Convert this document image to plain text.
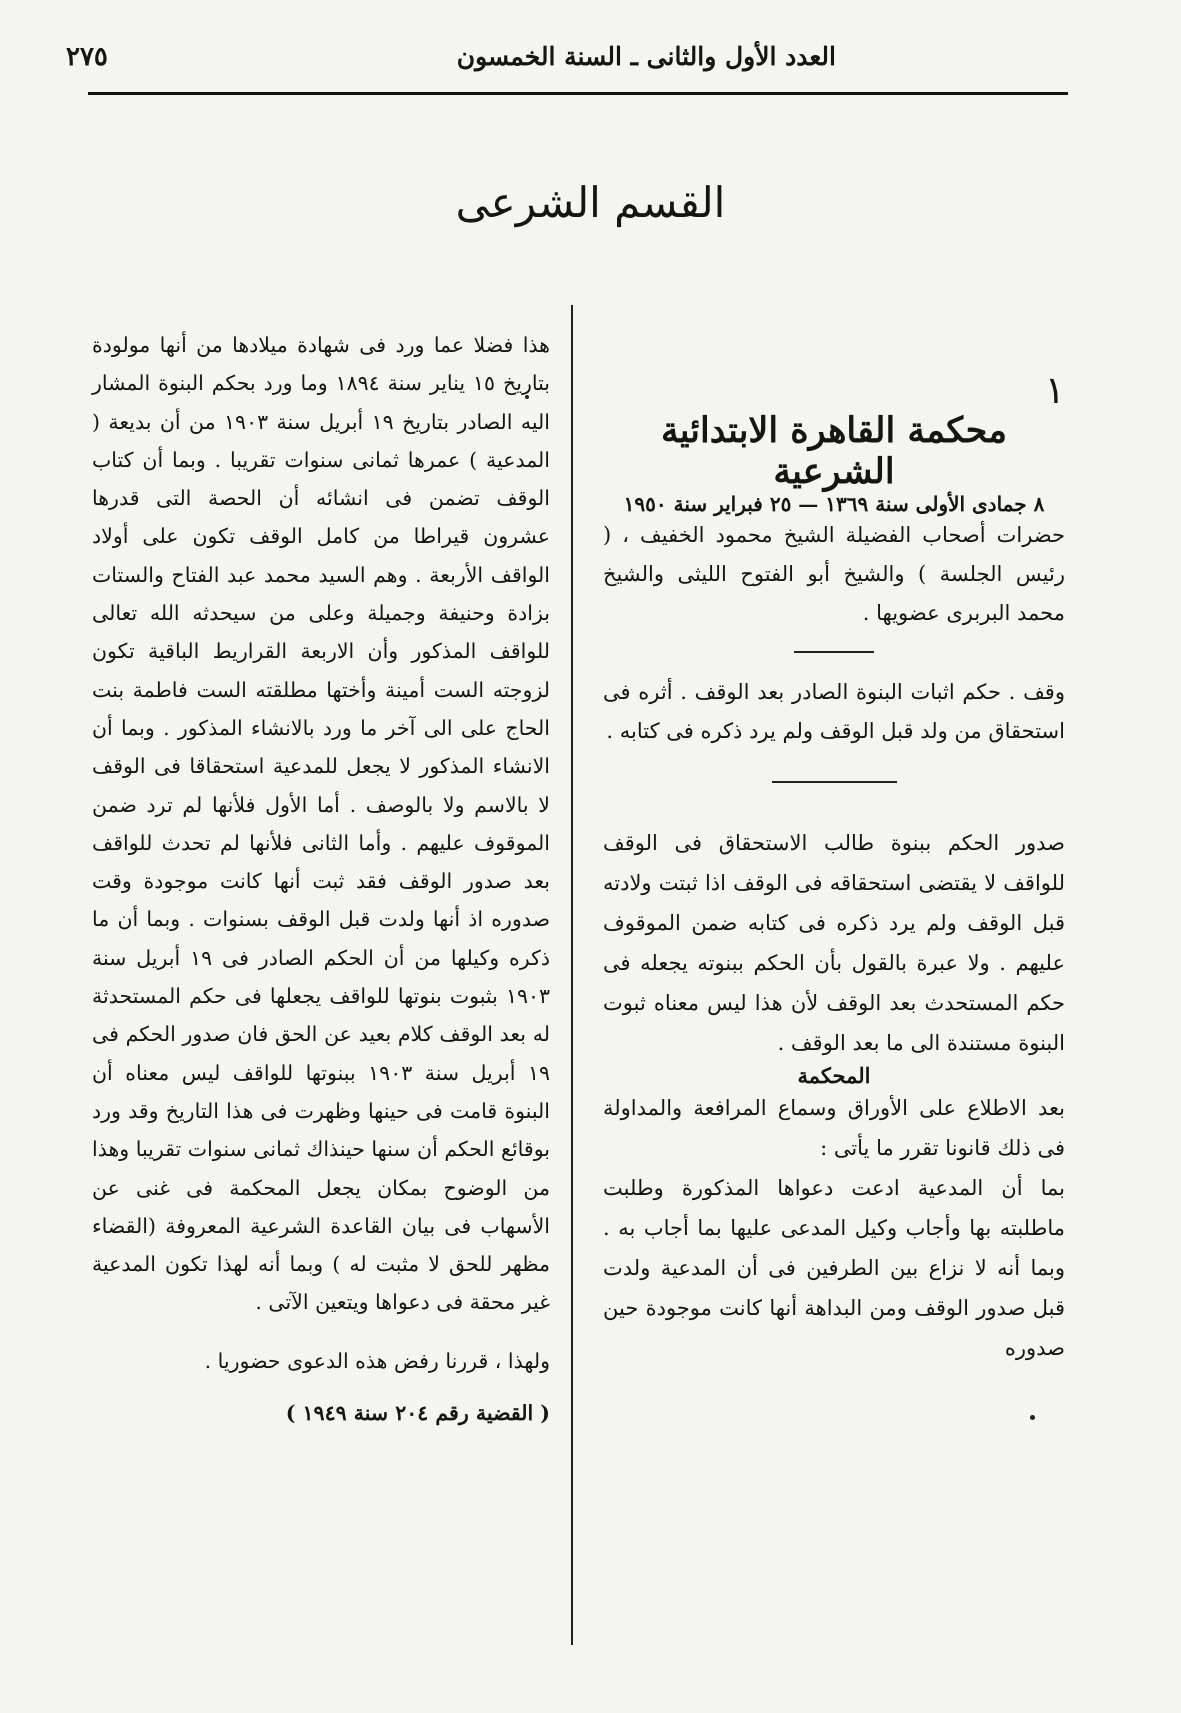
العدد الأول والثانى ـ السنة الخمسون
٢٧٥
القسم الشرعى

١

محكمة القاهرة الابتدائية الشرعية

٨ جمادى الأولى سنة ١٣٦٩ — ٢٥ فبراير سنة ١٩٥٠

حضرات أصحاب الفضيلة الشيخ محمود الخفيف ، ( رئيس الجلسة ) والشيخ أبو الفتوح الليثى والشيخ محمد البربرى عضويها .

وقف . حكم اثبات البنوة الصادر بعد الوقف . أثره فى استحقاق من ولد قبل الوقف ولم يرد ذكره فى كتابه .

صدور الحكم ببنوة طالب الاستحقاق فى الوقف للواقف لا يقتضى استحقاقه فى الوقف اذا ثبتت ولادته قبل الوقف ولم يرد ذكره فى كتابه ضمن الموقوف عليهم . ولا عبرة بالقول بأن الحكم ببنوته يجعله فى حكم المستحدث بعد الوقف لأن هذا ليس معناه ثبوت البنوة مستندة الى ما بعد الوقف .

المحكمة

بعد الاطلاع على الأوراق وسماع المرافعة والمداولة فى ذلك قانونا تقرر ما يأتى :

بما أن المدعية ادعت دعواها المذكورة وطلبت ماطلبته بها وأجاب وكيل المدعى عليها بما أجاب به . وبما أنه لا نزاع بين الطرفين فى أن المدعية ولدت قبل صدور الوقف ومن البداهة أنها كانت موجودة حين صدوره

هذا فضلا عما ورد فى شهادة ميلادها من أنها مولودة بتاريخ ١٥ يناير سنة ١٨٩٤ وما ورد بحكم البنوة المشار اليه الصادر بتاريخ ١٩ أبريل سنة ١٩٠٣ من أن بديعة ( المدعية ) عمرها ثمانى سنوات تقريبا . وبما أن كتاب الوقف تضمن فى انشائه أن الحصة التى قدرها عشرون قيراطا من كامل الوقف تكون على أولاد الواقف الأربعة . وهم السيد محمد عبد الفتاح والستات بزادة وحنيفة وجميلة وعلى من سيحدثه الله تعالى للواقف المذكور وأن الاربعة القراريط الباقية تكون لزوجته الست أمينة وأختها مطلقته الست فاطمة بنت الحاج على الى آخر ما ورد بالانشاء المذكور . وبما أن الانشاء المذكور لا يجعل للمدعية استحقاقا فى الوقف لا بالاسم ولا بالوصف . أما الأول فلأنها لم ترد ضمن الموقوف عليهم . وأما الثانى فلأنها لم تحدث للواقف بعد صدور الوقف فقد ثبت أنها كانت موجودة وقت صدوره اذ أنها ولدت قبل الوقف بسنوات . وبما أن ما ذكره وكيلها من أن الحكم الصادر فى ١٩ أبريل سنة ١٩٠٣ بثبوت بنوتها للواقف يجعلها فى حكم المستحدثة له بعد الوقف كلام بعيد عن الحق فان صدور الحكم فى ١٩ أبريل سنة ١٩٠٣ ببنوتها للواقف ليس معناه أن البنوة قامت فى حينها وظهرت فى هذا التاريخ وقد ورد بوقائع الحكم أن سنها حينذاك ثمانى سنوات تقريبا وهذا من الوضوح بمكان يجعل المحكمة فى غنى عن الأسهاب فى بيان القاعدة الشرعية المعروفة (القضاء مظهر للحق لا مثبت له ) وبما أنه لهذا تكون المدعية غير محقة فى دعواها ويتعين الآتى .

ولهذا ، قررنا رفض هذه الدعوى حضوريا .

( القضية رقم ٢٠٤ سنة ١٩٤٩ )
